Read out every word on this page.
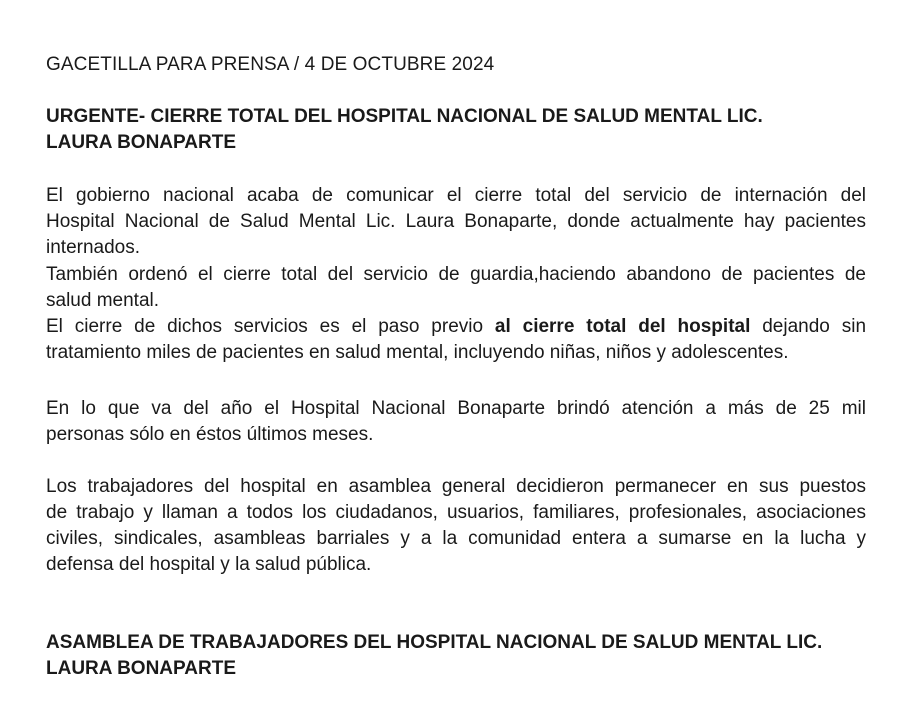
GACETILLA PARA PRENSA / 4 DE OCTUBRE 2024
URGENTE- CIERRE TOTAL DEL HOSPITAL NACIONAL DE SALUD MENTAL LIC.
LAURA BONAPARTE

El gobierno nacional acaba de comunicar el cierre total del servicio de internación del
Hospital Nacional de Salud Mental Lic. Laura Bonaparte, donde actualmente hay pacientes
internados.

También ordenó el cierre total del servicio de guardia,haciendo abandono de pacientes de
salud mental.

El cierre de dichos servicios es el paso previo al cierre total del hospital dejando sin
tratamiento miles de pacientes en salud mental, incluyendo niñas, niños y adolescentes.

En lo que va del año el Hospital Nacional Bonaparte brindó atención a más de 25 mil
personas sólo en éstos últimos meses.

Los trabajadores del hospital en asamblea general decidieron permanecer en sus puestos
de trabajo y llaman a todos los ciudadanos, usuarios, familiares, profesionales, asociaciones
civiles, sindicales, asambleas barriales y a la comunidad entera a sumarse en la lucha y
defensa del hospital y la salud pública.

ASAMBLEA DE TRABAJADORES DEL HOSPITAL NACIONAL DE SALUD MENTAL LIC.
LAURA BONAPARTE
